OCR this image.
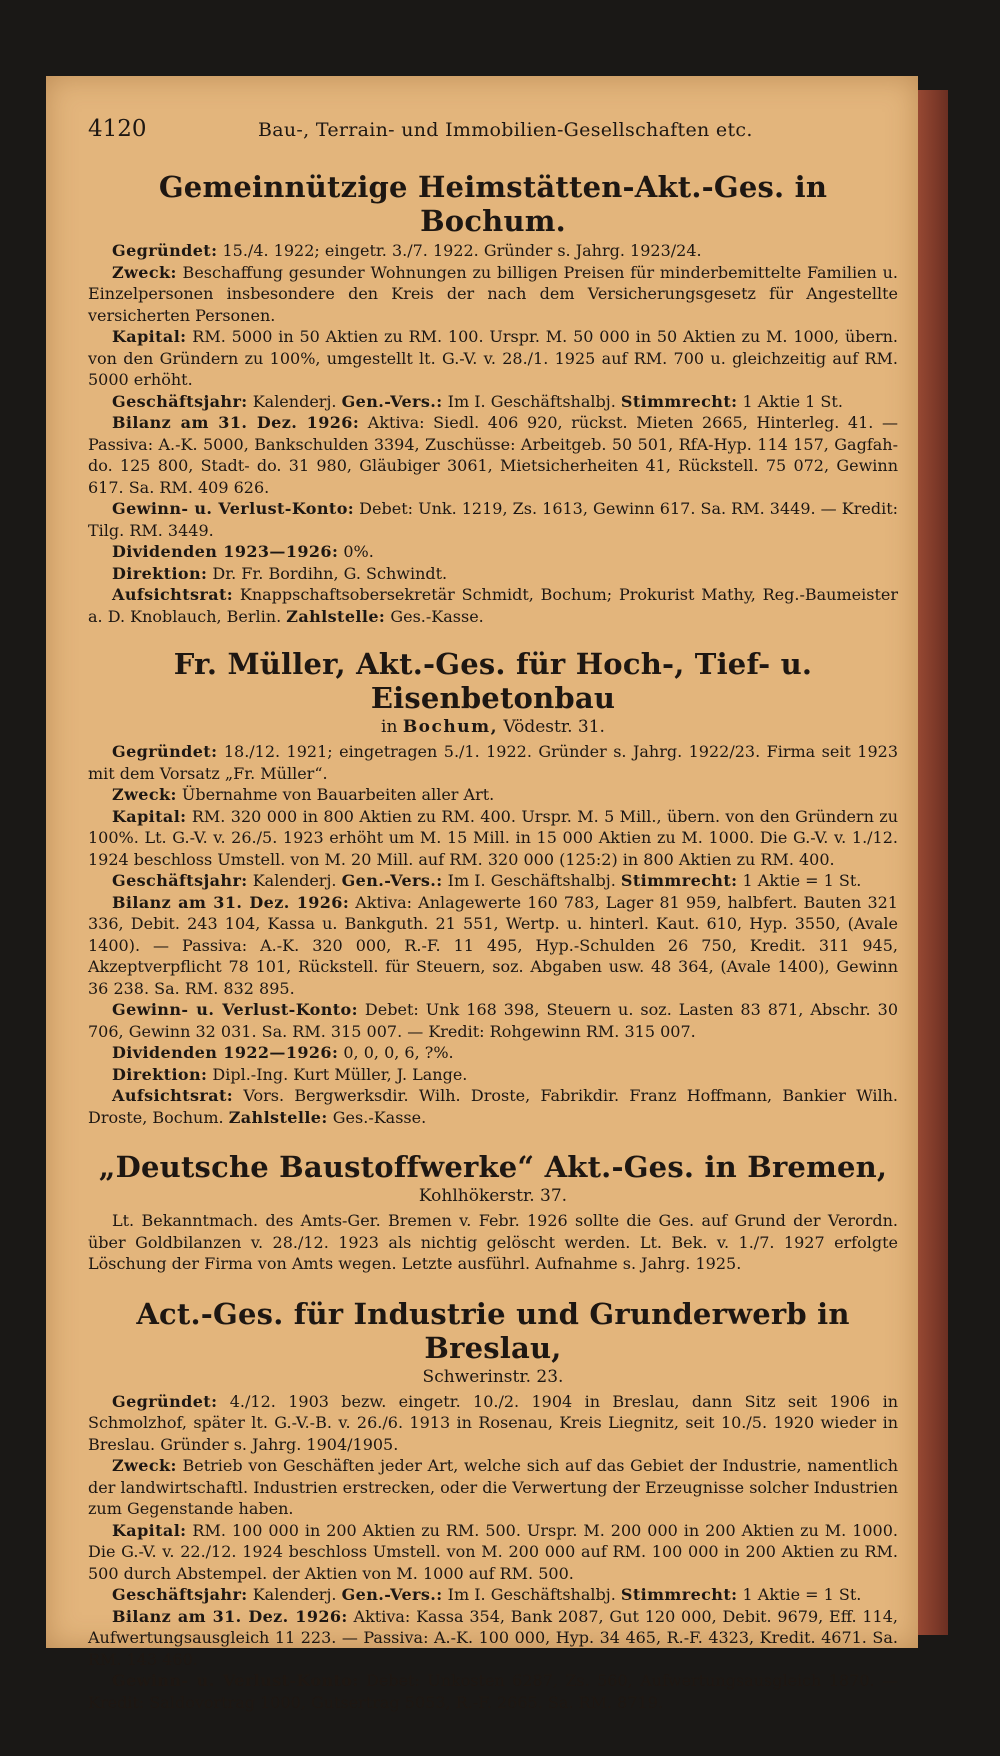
4120	Bau-, Terrain- und Immobilien-Gesellschaften etc.
Gemeinnützige Heimstätten-Akt.-Ges. in Bochum.

Gegründet: 15./4. 1922; eingetr. 3./7. 1922. Gründer s. Jahrg. 1923/24.

Zweck: Beschaffung gesunder Wohnungen zu billigen Preisen für minderbemittelte Familien u. Einzelpersonen insbesondere den Kreis der nach dem Versicherungsgesetz für Angestellte versicherten Personen.

Kapital: RM. 5000 in 50 Aktien zu RM. 100. Urspr. M. 50 000 in 50 Aktien zu M. 1000, übern. von den Gründern zu 100%, umgestellt lt. G.-V. v. 28./1. 1925 auf RM. 700 u. gleichzeitig auf RM. 5000 erhöht.

Geschäftsjahr: Kalenderj. Gen.-Vers.: Im I. Geschäftshalbj. Stimmrecht: 1 Aktie 1 St.

Bilanz am 31. Dez. 1926: Aktiva: Siedl. 406 920, rückst. Mieten 2665, Hinterleg. 41. — Passiva: A.-K. 5000, Bankschulden 3394, Zuschüsse: Arbeitgeb. 50 501, RfA-Hyp. 114 157, Gagfah- do. 125 800, Stadt- do. 31 980, Gläubiger 3061, Mietsicherheiten 41, Rückstell. 75 072, Gewinn 617. Sa. RM. 409 626.

Gewinn- u. Verlust-Konto: Debet: Unk. 1219, Zs. 1613, Gewinn 617. Sa. RM. 3449. — Kredit: Tilg. RM. 3449.

Dividenden 1923—1926: 0%.

Direktion: Dr. Fr. Bordihn, G. Schwindt.

Aufsichtsrat: Knappschaftsobersekretär Schmidt, Bochum; Prokurist Mathy, Reg.-Baumeister a. D. Knoblauch, Berlin. Zahlstelle: Ges.-Kasse.

Fr. Müller, Akt.-Ges. für Hoch-, Tief- u. Eisenbetonbau
in Bochum, Vödestr. 31.

Gegründet: 18./12. 1921; eingetragen 5./1. 1922. Gründer s. Jahrg. 1922/23. Firma seit 1923 mit dem Vorsatz „Fr. Müller“.

Zweck: Übernahme von Bauarbeiten aller Art.

Kapital: RM. 320 000 in 800 Aktien zu RM. 400. Urspr. M. 5 Mill., übern. von den Gründern zu 100%. Lt. G.-V. v. 26./5. 1923 erhöht um M. 15 Mill. in 15 000 Aktien zu M. 1000. Die G.-V. v. 1./12. 1924 beschloss Umstell. von M. 20 Mill. auf RM. 320 000 (125:2) in 800 Aktien zu RM. 400.

Geschäftsjahr: Kalenderj. Gen.-Vers.: Im I. Geschäftshalbj. Stimmrecht: 1 Aktie = 1 St.

Bilanz am 31. Dez. 1926: Aktiva: Anlagewerte 160 783, Lager 81 959, halbfert. Bauten 321 336, Debit. 243 104, Kassa u. Bankguth. 21 551, Wertp. u. hinterl. Kaut. 610, Hyp. 3550, (Avale 1400). — Passiva: A.-K. 320 000, R.-F. 11 495, Hyp.-Schulden 26 750, Kredit. 311 945, Akzeptverpflicht 78 101, Rückstell. für Steuern, soz. Abgaben usw. 48 364, (Avale 1400), Gewinn 36 238. Sa. RM. 832 895.

Gewinn- u. Verlust-Konto: Debet: Unk 168 398, Steuern u. soz. Lasten 83 871, Abschr. 30 706, Gewinn 32 031. Sa. RM. 315 007. — Kredit: Rohgewinn RM. 315 007.

Dividenden 1922—1926: 0, 0, 0, 6, ?%.

Direktion: Dipl.-Ing. Kurt Müller, J. Lange.

Aufsichtsrat: Vors. Bergwerksdir. Wilh. Droste, Fabrikdir. Franz Hoffmann, Bankier Wilh. Droste, Bochum. Zahlstelle: Ges.-Kasse.

„Deutsche Baustoffwerke“ Akt.-Ges. in Bremen,
Kohlhökerstr. 37.

Lt. Bekanntmach. des Amts-Ger. Bremen v. Febr. 1926 sollte die Ges. auf Grund der Verordn. über Goldbilanzen v. 28./12. 1923 als nichtig gelöscht werden. Lt. Bek. v. 1./7. 1927 erfolgte Löschung der Firma von Amts wegen. Letzte ausführl. Aufnahme s. Jahrg. 1925.

Act.-Ges. für Industrie und Grunderwerb in Breslau,
Schwerinstr. 23.

Gegründet: 4./12. 1903 bezw. eingetr. 10./2. 1904 in Breslau, dann Sitz seit 1906 in Schmolzhof, später lt. G.-V.-B. v. 26./6. 1913 in Rosenau, Kreis Liegnitz, seit 10./5. 1920 wieder in Breslau. Gründer s. Jahrg. 1904/1905.

Zweck: Betrieb von Geschäften jeder Art, welche sich auf das Gebiet der Industrie, namentlich der landwirtschaftl. Industrien erstrecken, oder die Verwertung der Erzeugnisse solcher Industrien zum Gegenstande haben.

Kapital: RM. 100 000 in 200 Aktien zu RM. 500. Urspr. M. 200 000 in 200 Aktien zu M. 1000. Die G.-V. v. 22./12. 1924 beschloss Umstell. von M. 200 000 auf RM. 100 000 in 200 Aktien zu RM. 500 durch Abstempel. der Aktien von M. 1000 auf RM. 500.

Geschäftsjahr: Kalenderj. Gen.-Vers.: Im I. Geschäftshalbj. Stimmrecht: 1 Aktie = 1 St.

Bilanz am 31. Dez. 1926: Aktiva: Kassa 354, Bank 2087, Gut 120 000, Debit. 9679, Eff. 114, Aufwertungsausgleich 11 223. — Passiva: A.-K. 100 000, Hyp. 34 465, R.-F. 4323, Kredit. 4671. Sa. RM. 143 460.

Gewinn- u. Verlust-Konto: Debet: Unkosten 6287, Zs. 560, Aufwertungsausgleich 1870. — Kredit: Saldovortrag 1000, Gutsertrag 5053, R.-F. 2665. Sa. RM. 8719.
